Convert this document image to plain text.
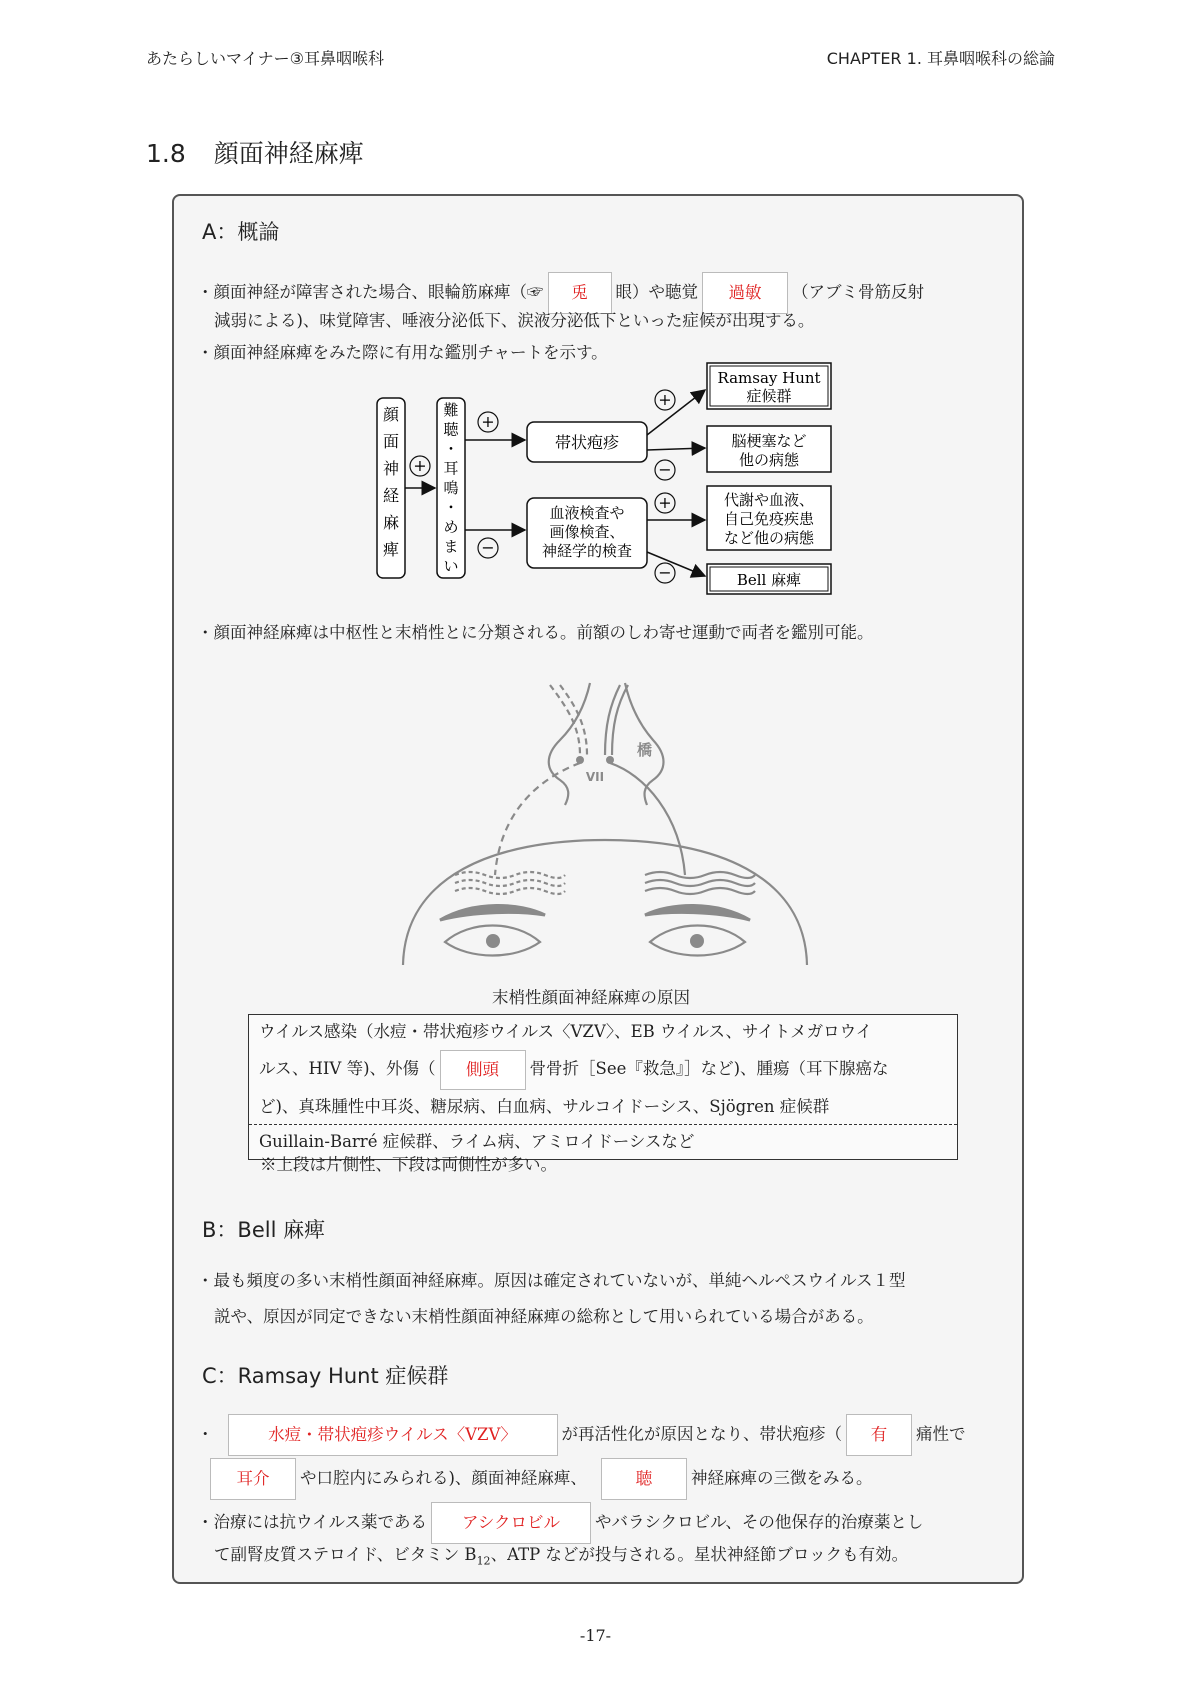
あたらしいマイナー③耳鼻咽喉科	CHAPTER 1. 耳鼻咽喉科の総論
1.8 顔面神経麻痺
A：概論
・顔面神経が障害された場合、眼輪筋麻痺（☞ 兎 眼）や聴覚 過敏 （アブミ骨筋反射
減弱による)、味覚障害、唾液分泌低下、涙液分泌低下といった症候が出現する。
・顔面神経麻痺をみた際に有用な鑑別チャートを示す。
顔面神経麻痺
難聴・耳鳴・めまい
+
+
−
帯状疱疹
血液検査や
画像検査、
神経学的検査
+
−
+
−
Ramsay Hunt
症候群
脳梗塞など
他の病態
代謝や血液、
自己免疫疾患
など他の病態
Bell 麻痺
・顔面神経麻痺は中枢性と末梢性とに分類される。前額のしわ寄せ運動で両者を鑑別可能。
橋
VII
末梢性顔面神経麻痺の原因
ウイルス感染（水痘・帯状疱疹ウイルス〈VZV〉、EB ウイルス、サイトメガロウイ
ルス、HIV 等)、外傷（ 側頭 骨骨折［See『救急』］など)、腫瘍（耳下腺癌な
ど)、真珠腫性中耳炎、糖尿病、白血病、サルコイドーシス、Sjögren 症候群
Guillain-Barré 症候群、ライム病、アミロイドーシスなど
※上段は片側性、下段は両側性が多い。
B：Bell 麻痺
・最も頻度の多い末梢性顔面神経麻痺。原因は確定されていないが、単純ヘルペスウイルス１型
説や、原因が同定できない末梢性顔面神経麻痺の総称として用いられている場合がある。
C：Ramsay Hunt 症候群
・	水痘・帯状疱疹ウイルス〈VZV〉	が再活性化が原因となり、帯状疱疹（ 有 痛性で
耳介 や口腔内にみられる)、顔面神経麻痺、	聴 神経麻痺の三徴をみる。
・治療には抗ウイルス薬である アシクロビル やバラシクロビル、その他保存的治療薬とし
て副腎皮質ステロイド、ビタミン $B_{12}$、ATP などが投与される。星状神経節ブロックも有効。
-17-
